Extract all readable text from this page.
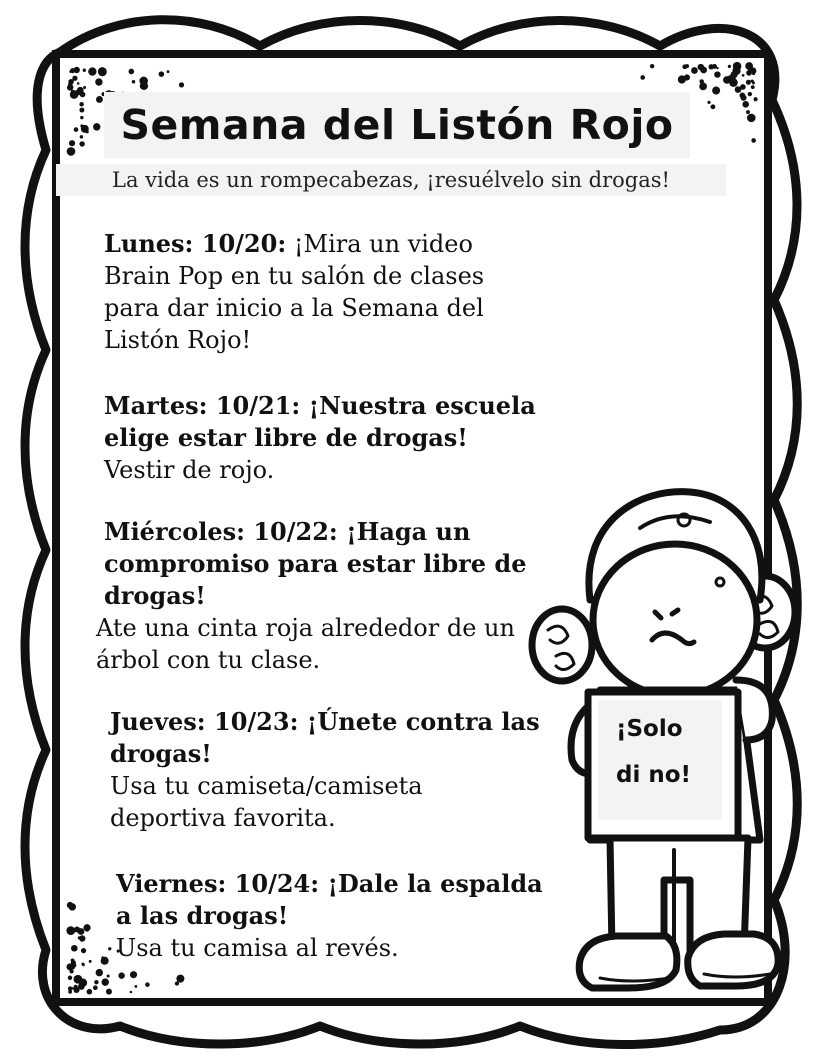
¡Solo
di no!
Semana del Listón Rojo
La vida es un rompecabezas, ¡resuélvelo sin drogas!
Lunes: 10/20: ¡Mira un video Brain Pop en tu salón de clases para dar inicio a la Semana del Listón Rojo!
Martes: 10/21: ¡Nuestra escuela elige estar libre de drogas!
Vestir de rojo.
Miércoles: 10/22: ¡Haga un compromiso para estar libre de drogas!
Ate una cinta roja alrededor de un árbol con tu clase.
Jueves: 10/23: ¡Únete contra las drogas!
Usa tu camiseta/camiseta deportiva favorita.
Viernes: 10/24: ¡Dale la espalda a las drogas!
Usa tu camisa al revés.
